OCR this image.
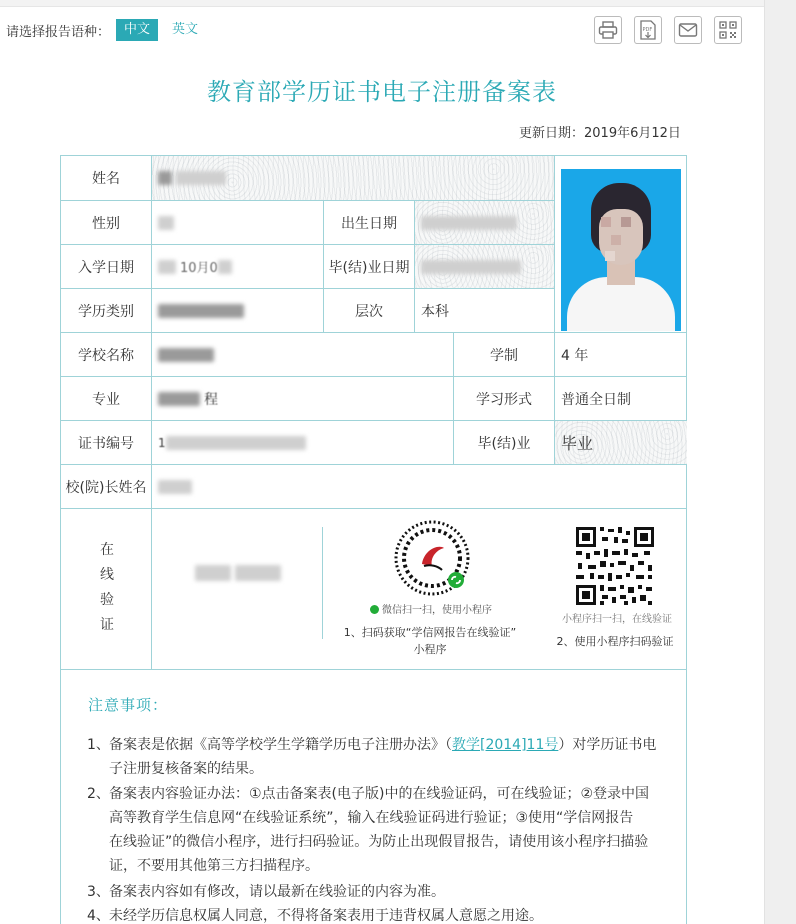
请选择报告语种：	中文	英文	PDF
教育部学历证书电子注册备案表
更新日期：2019年6月12日
姓名
性别	出生日期
入学日期	10月0	毕(结)业日期
学历类别	层次	本科
学校名称	学制	4 年
专业	程	学习形式	普通全日制
证书编号	1	毕(结)业	毕业
校(院)长姓名
在
线
验
证
微信扫一扫，使用小程序
1、扫码获取“学信网报告在线验证”
小程序
小程序扫一扫，在线验证
2、使用小程序扫码验证
注意事项：
1、备案表是依据《高等学校学生学籍学历电子注册办法》（教学[2014]11号）对学历证书电
子注册复核备案的结果。
2、备案表内容验证办法：①点击备案表(电子版)中的在线验证码，可在线验证；②登录中国
高等教育学生信息网“在线验证系统”，输入在线验证码进行验证；③使用“学信网报告
在线验证”的微信小程序，进行扫码验证。为防止出现假冒报告，请使用该小程序扫描验
证，不要用其他第三方扫描程序。
3、备案表内容如有修改，请以最新在线验证的内容为准。
4、未经学历信息权属人同意，不得将备案表用于违背权属人意愿之用途。
